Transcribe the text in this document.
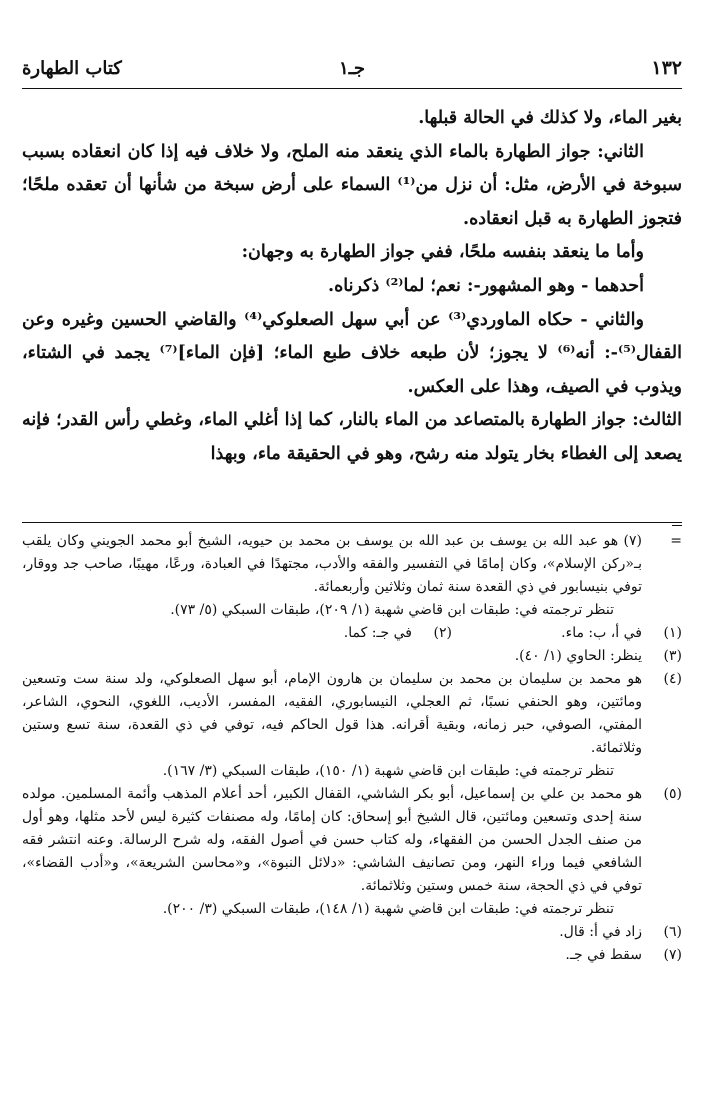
١٣٢
جـ١
كتاب الطهارة

بغير الماء، ولا كذلك في الحالة قبلها.

الثاني: جواز الطهارة بالماء الذي ينعقد منه الملح، ولا خلاف فيه إذا كان انعقاده بسبب سبوخة في الأرض، مثل: أن نزل من⁽¹⁾ السماء على أرض سبخة من شأنها أن تعقده ملحًا؛ فتجوز الطهارة به قبل انعقاده.

وأما ما ينعقد بنفسه ملحًا، ففي جواز الطهارة به وجهان:

أحدهما - وهو المشهور-: نعم؛ لما⁽²⁾ ذكرناه.

والثاني - حكاه الماوردي⁽³⁾ عن أبي سهل الصعلوكي⁽⁴⁾ والقاضي الحسين وغيره وعن القفال⁽⁵⁾-: أنه⁽⁶⁾ لا يجوز؛ لأن طبعه خلاف طبع الماء؛ [فإن الماء]⁽⁷⁾ يجمد في الشتاء، ويذوب في الصيف، وهذا على العكس.

الثالث: جواز الطهارة بالمتصاعد من الماء بالنار، كما إذا أغلي الماء، وغطي رأس القدر؛ فإنه يصعد إلى الغطاء بخار يتولد منه رشح، وهو في الحقيقة ماء، وبهذا

=
(٧) هو عبد الله بن يوسف بن عبد الله بن يوسف بن محمد بن حيويه، الشيخ أبو محمد الجويني وكان يلقب بـ«ركن الإسلام»، وكان إمامًا في التفسير والفقه والأدب، مجتهدًا في العبادة، ورعًا، مهيبًا، صاحب جد ووقار، توفي بنيسابور في ذي القعدة سنة ثمان وثلاثين وأربعمائة.
تنظر ترجمته في: طبقات ابن قاضي شهبة (١/ ٢٠٩)، طبقات السبكي (٥/ ٧٣).
(١)
في أ، ب: ماء.
(٢)
في جـ: كما.
(٣)
ينظر: الحاوي (١/ ٤٠).
(٤)
هو محمد بن سليمان بن محمد بن سليمان بن هارون الإمام، أبو سهل الصعلوكي، ولد سنة ست وتسعين ومائتين، وهو الحنفي نسبًا، ثم العجلي، النيسابوري، الفقيه، المفسر، الأديب، اللغوي، النحوي، الشاعر، المفتي، الصوفي، حبر زمانه، وبقية أقرانه. هذا قول الحاكم فيه، توفي في ذي القعدة، سنة تسع وستين وثلاثمائة.
تنظر ترجمته في: طبقات ابن قاضي شهبة (١/ ١٥٠)، طبقات السبكي (٣/ ١٦٧).
(٥)
هو محمد بن علي بن إسماعيل، أبو بكر الشاشي، القفال الكبير، أحد أعلام المذهب وأئمة المسلمين. مولده سنة إحدى وتسعين ومائتين، قال الشيخ أبو إسحاق: كان إمامًا، وله مصنفات كثيرة ليس لأحد مثلها، وهو أول من صنف الجدل الحسن من الفقهاء، وله كتاب حسن في أصول الفقه، وله شرح الرسالة. وعنه انتشر فقه الشافعي فيما وراء النهر، ومن تصانيف الشاشي: «دلائل النبوة»، و«محاسن الشريعة»، و«أدب القضاء»، توفي في ذي الحجة، سنة خمس وستين وثلاثمائة.
تنظر ترجمته في: طبقات ابن قاضي شهبة (١/ ١٤٨)، طبقات السبكي (٣/ ٢٠٠).
(٦)
زاد في أ: قال.
(٧)
سقط في جـ.
